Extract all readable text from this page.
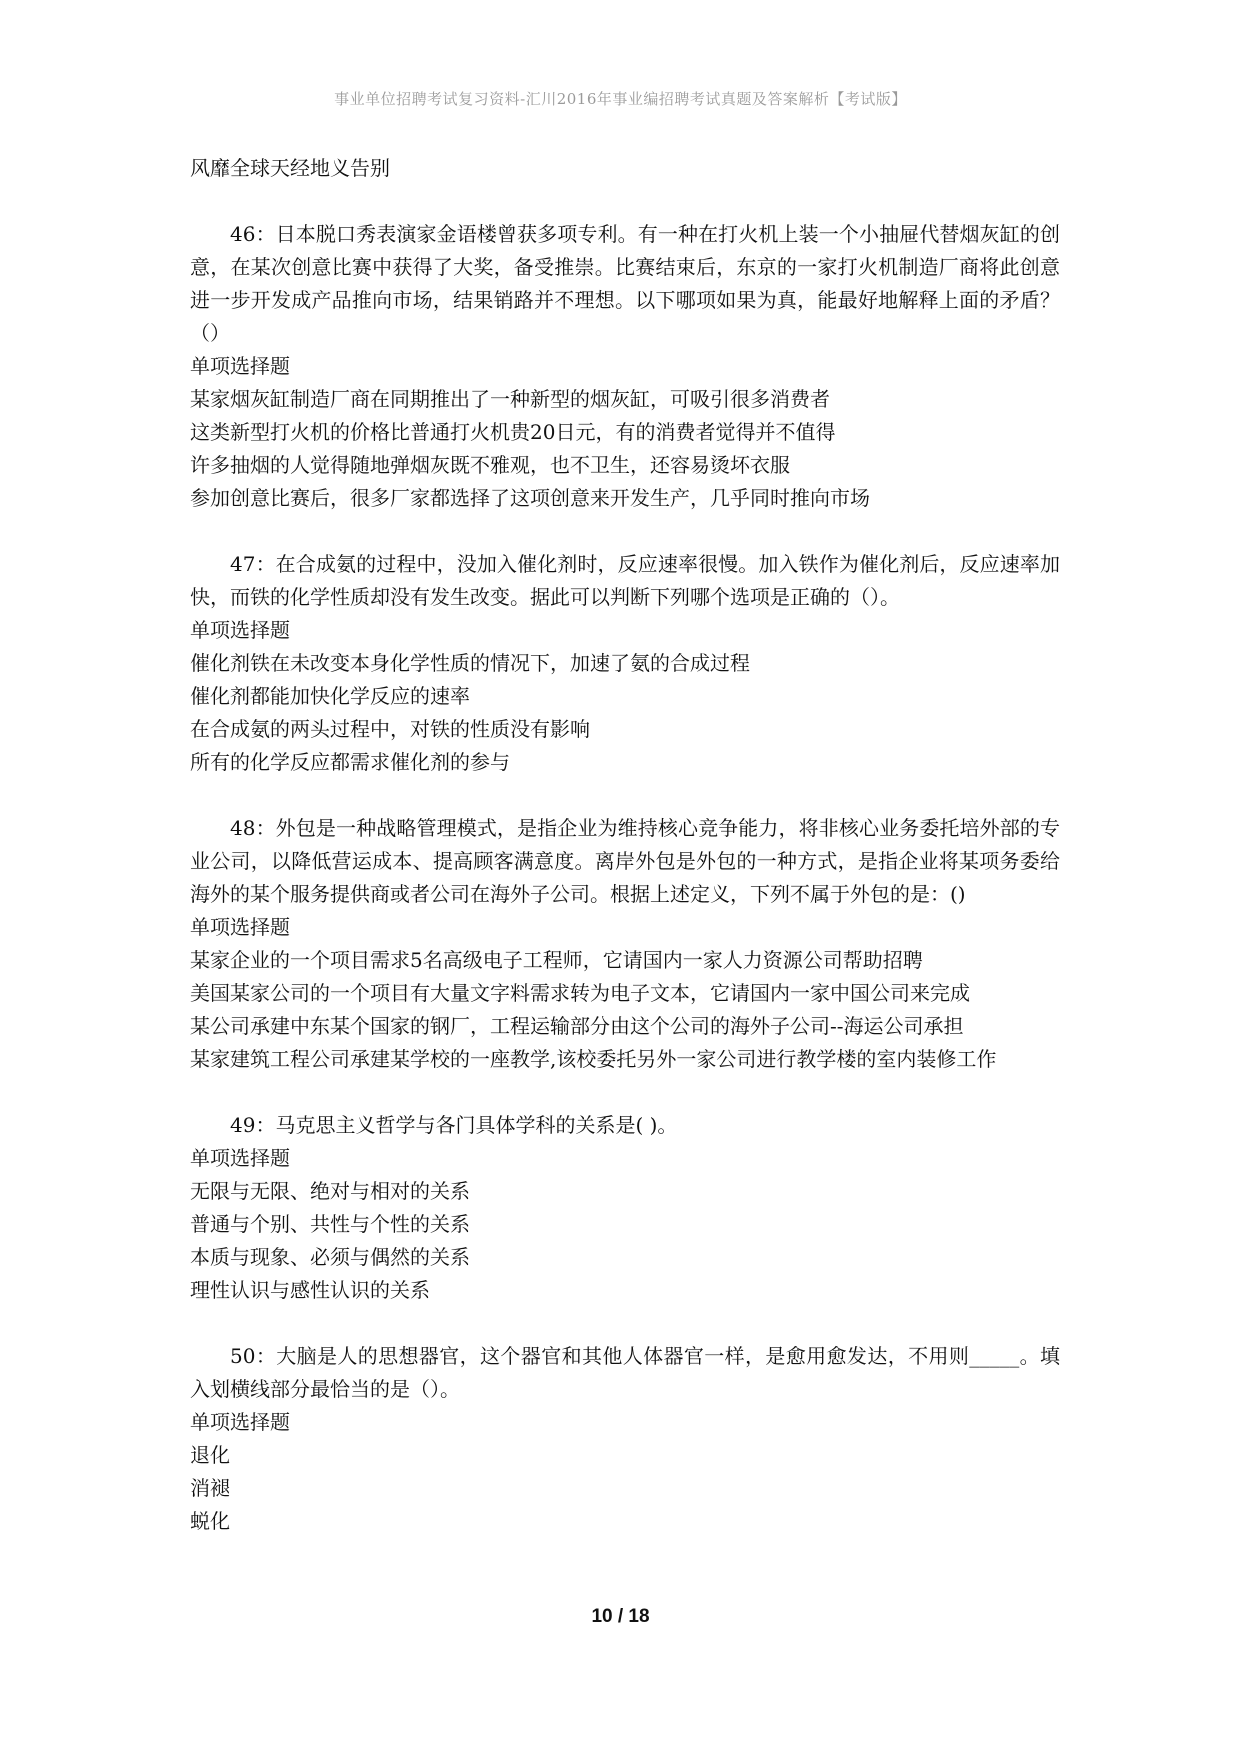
事业单位招聘考试复习资料-汇川2016年事业编招聘考试真题及答案解析【考试版】
风靡全球天经地义告别
46：日本脱口秀表演家金语楼曾获多项专利。有一种在打火机上装一个小抽屉代替烟灰缸的创意，在某次创意比赛中获得了大奖，备受推崇。比赛结束后，东京的一家打火机制造厂商将此创意进一步开发成产品推向市场，结果销路并不理想。以下哪项如果为真，能最好地解释上面的矛盾？（）
单项选择题
某家烟灰缸制造厂商在同期推出了一种新型的烟灰缸，可吸引很多消费者
这类新型打火机的价格比普通打火机贵20日元，有的消费者觉得并不值得
许多抽烟的人觉得随地弹烟灰既不雅观，也不卫生，还容易烫坏衣服
参加创意比赛后，很多厂家都选择了这项创意来开发生产，几乎同时推向市场
47：在合成氨的过程中，没加入催化剂时，反应速率很慢。加入铁作为催化剂后，反应速率加快，而铁的化学性质却没有发生改变。据此可以判断下列哪个选项是正确的（）。
单项选择题
催化剂铁在未改变本身化学性质的情况下，加速了氨的合成过程
催化剂都能加快化学反应的速率
在合成氨的两头过程中，对铁的性质没有影响
所有的化学反应都需求催化剂的参与
48：外包是一种战略管理模式，是指企业为维持核心竞争能力，将非核心业务委托培外部的专业公司，以降低营运成本、提高顾客满意度。离岸外包是外包的一种方式，是指企业将某项务委给海外的某个服务提供商或者公司在海外子公司。根据上述定义，下列不属于外包的是：()
单项选择题
某家企业的一个项目需求5名高级电子工程师，它请国内一家人力资源公司帮助招聘
美国某家公司的一个项目有大量文字料需求转为电子文本，它请国内一家中国公司来完成
某公司承建中东某个国家的钢厂，工程运输部分由这个公司的海外子公司--海运公司承担
某家建筑工程公司承建某学校的一座教学,该校委托另外一家公司进行教学楼的室内装修工作
49：马克思主义哲学与各门具体学科的关系是( )。
单项选择题
无限与无限、绝对与相对的关系
普通与个别、共性与个性的关系
本质与现象、必须与偶然的关系
理性认识与感性认识的关系
50：大脑是人的思想器官，这个器官和其他人体器官一样，是愈用愈发达，不用则_____。填入划横线部分最恰当的是（）。
单项选择题
退化
消褪
蜕化
10 / 18
